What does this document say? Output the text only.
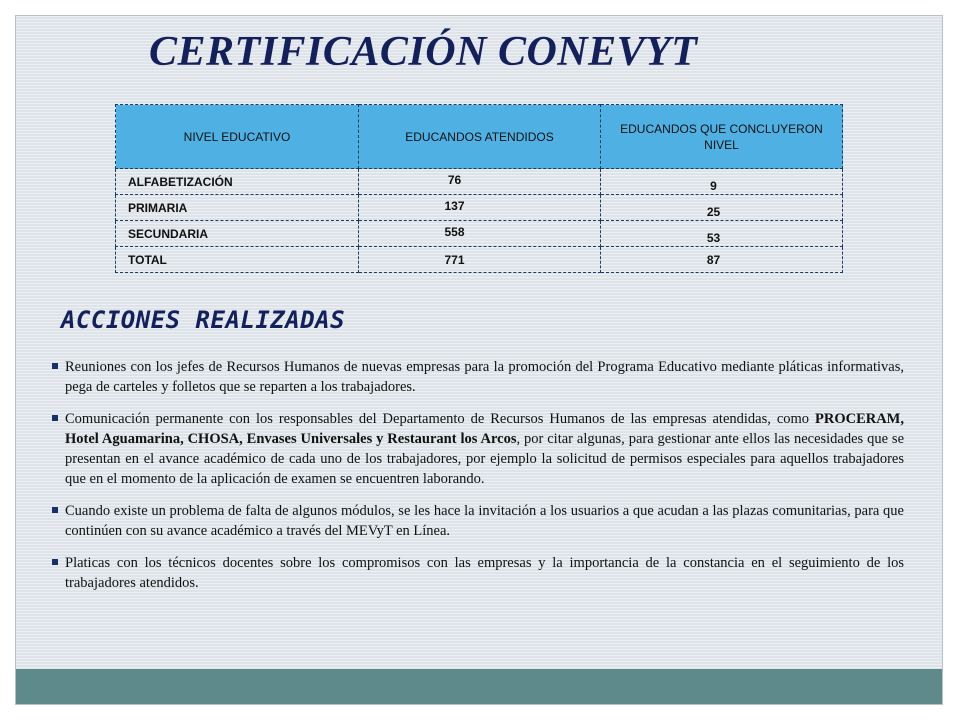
CERTIFICACIÓN CONEVYT
NIVEL EDUCATIVO	EDUCANDOS ATENDIDOS	EDUCANDOS QUE CONCLUYERON NIVEL
ALFABETIZACIÓN	76	9
PRIMARIA	137	25
SECUNDARIA	558	53
TOTAL	771	87
ACCIONES REALIZADAS
Reuniones con los jefes de Recursos Humanos de nuevas empresas para la promoción del Programa Educativo mediante pláticas informativas, pega de carteles y folletos que se reparten a los trabajadores.
Comunicación permanente con los responsables del Departamento de Recursos Humanos de las empresas atendidas, como PROCERAM, Hotel Aguamarina, CHOSA, Envases Universales y Restaurant los Arcos, por citar algunas, para gestionar ante ellos las necesidades que se presentan en el avance académico de cada uno de los trabajadores, por ejemplo la solicitud de permisos especiales para aquellos trabajadores que en el momento de la aplicación de examen se encuentren laborando.
Cuando existe un problema de falta de algunos módulos, se les hace la invitación a los usuarios a que acudan a las plazas comunitarias, para que continúen con su avance académico a través del MEVyT en Línea.
Platicas con los técnicos docentes sobre los compromisos con las empresas y la importancia de la constancia en el seguimiento de los trabajadores atendidos.
